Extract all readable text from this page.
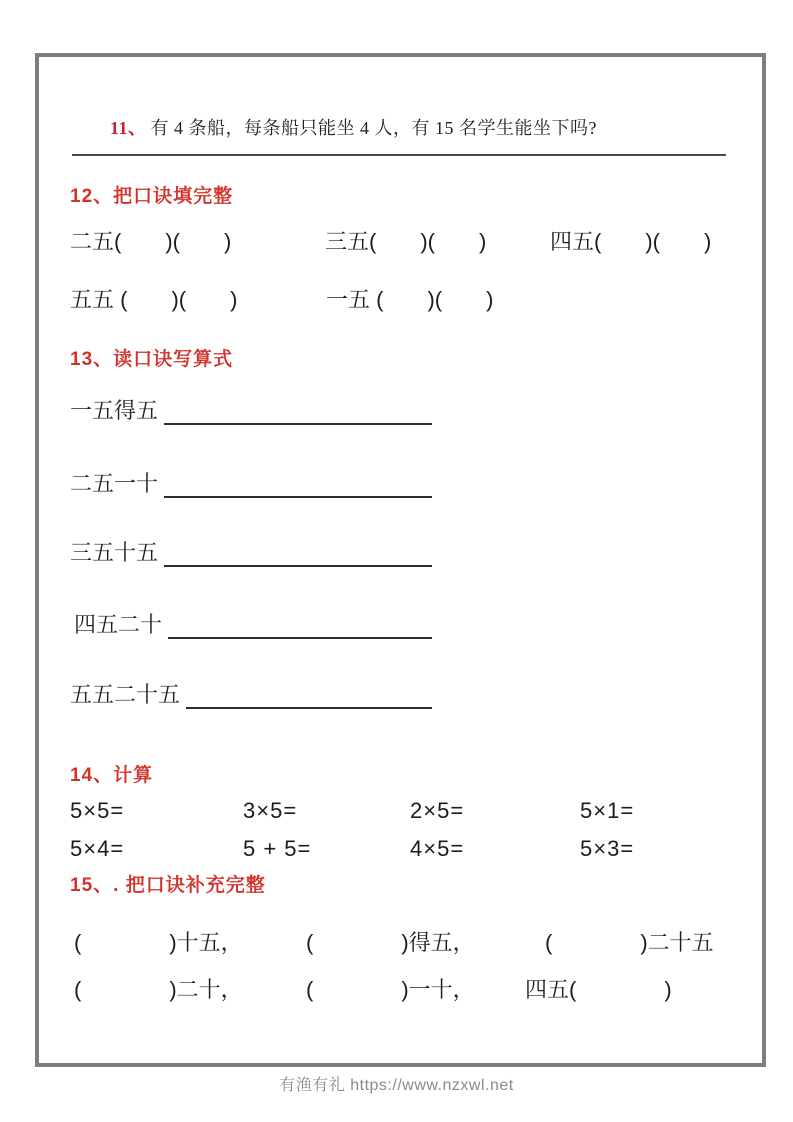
11、 有 4 条船，每条船只能坐 4 人，有 15 名学生能坐下吗?

12、把口诀填完整
二五(　　)(　　)	三五(　　)(　　)	四五(　　)(　　)
五五 (　　)(　　)	一五 (　　)(　　)
13、读口诀写算式
一五得五
二五一十
三五十五
四五二十
五五二十五
14、计算
5×5=	3×5=	2×5=	5×1=
5×4=	5 + 5=	4×5=	5×3=
15、. 把口诀补充完整
(　　　　)十五，	(　　　　)得五，	(　　　　)二十五
(　　　　)二十，	(　　　　)一十， 四五(　　　　)
有渔有礼 https://www.nzxwl.net
